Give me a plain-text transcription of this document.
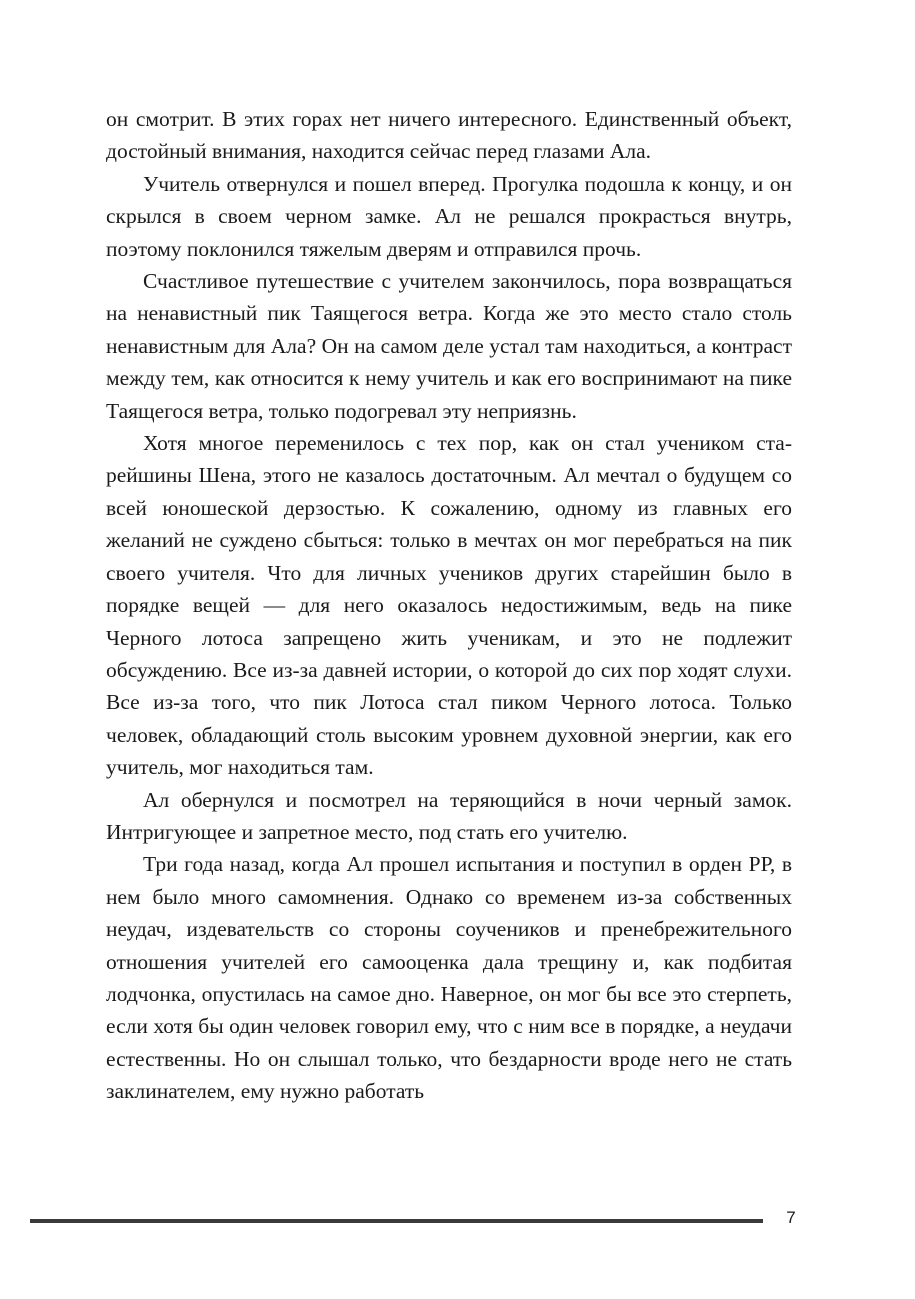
он смотрит. В этих горах нет ничего интересного. Единственный объект, достойный внимания, находится сейчас перед глазами Ала.

Учитель отвернулся и пошел вперед. Прогулка подошла к концу, и он скрылся в своем черном замке. Ал не решался прокрасться внутрь, поэтому поклонился тяжелым дверям и отправился прочь.

Счастливое путешествие с учителем закончилось, пора возвращаться на ненавистный пик Таящегося ветра. Когда же это место стало столь ненавистным для Ала? Он на самом деле устал там находиться, а контраст между тем, как относится к нему учитель и как его воспринимают на пике Таящегося ветра, только подогревал эту неприязнь.

Хотя многое переменилось с тех пор, как он стал учеником старейшины Шена, этого не казалось достаточным. Ал мечтал о будущем со всей юношеской дерзостью. К сожалению, одному из главных его желаний не суждено сбыться: только в мечтах он мог перебраться на пик своего учителя. Что для личных учеников других старейшин было в порядке вещей — для него оказалось недостижимым, ведь на пике Черного лотоса запрещено жить ученикам, и это не подлежит обсуждению. Все из-за давней истории, о которой до сих пор ходят слухи. Все из-за того, что пик Лотоса стал пиком Черного лотоса. Только человек, обладающий столь высоким уровнем духовной энергии, как его учитель, мог находиться там.

Ал обернулся и посмотрел на теряющийся в ночи черный замок. Интригующее и запретное место, под стать его учителю.

Три года назад, когда Ал прошел испытания и поступил в орден РР, в нем было много самомнения. Однако со временем из-за собственных неудач, издевательств со стороны соучеников и пренебрежительного отношения учителей его самооценка дала трещину и, как подбитая лодчонка, опустилась на самое дно. Наверное, он мог бы все это стерпеть, если хотя бы один человек говорил ему, что с ним все в порядке, а неудачи естественны. Но он слышал только, что бездарности вроде него не стать заклинателем, ему нужно работать

7
